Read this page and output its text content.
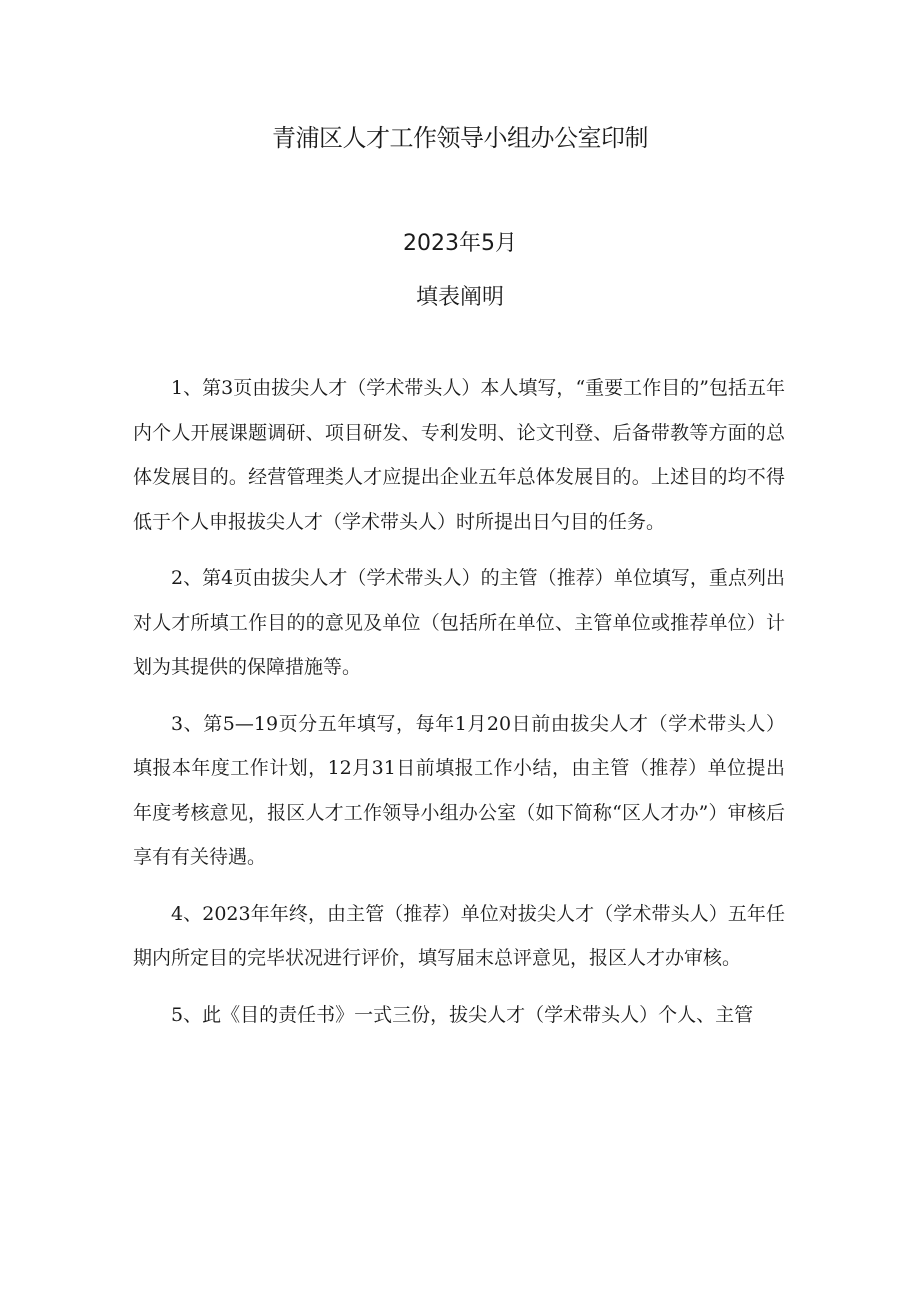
青浦区人才工作领导小组办公室印制

2023年5月

填表阐明

1、第3页由拔尖人才（学术带头人）本人填写，“重要工作目的”包括五年内个人开展课题调研、项目研发、专利发明、论文刊登、后备带教等方面的总体发展目的。经营管理类人才应提出企业五年总体发展目的。上述目的均不得低于个人申报拔尖人才（学术带头人）时所提出日勺目的任务。

2、第4页由拔尖人才（学术带头人）的主管（推荐）单位填写，重点列出对人才所填工作目的的意见及单位（包括所在单位、主管单位或推荐单位）计划为其提供的保障措施等。

3、第5—19页分五年填写，每年1月20日前由拔尖人才（学术带头人）填报本年度工作计划，12月31日前填报工作小结，由主管（推荐）单位提出年度考核意见，报区人才工作领导小组办公室（如下简称“区人才办”）审核后享有有关待遇。

4、2023年年终，由主管（推荐）单位对拔尖人才（学术带头人）五年任期内所定目的完毕状况进行评价，填写届末总评意见，报区人才办审核。

5、此《目的责任书》一式三份，拔尖人才（学术带头人）个人、主管
